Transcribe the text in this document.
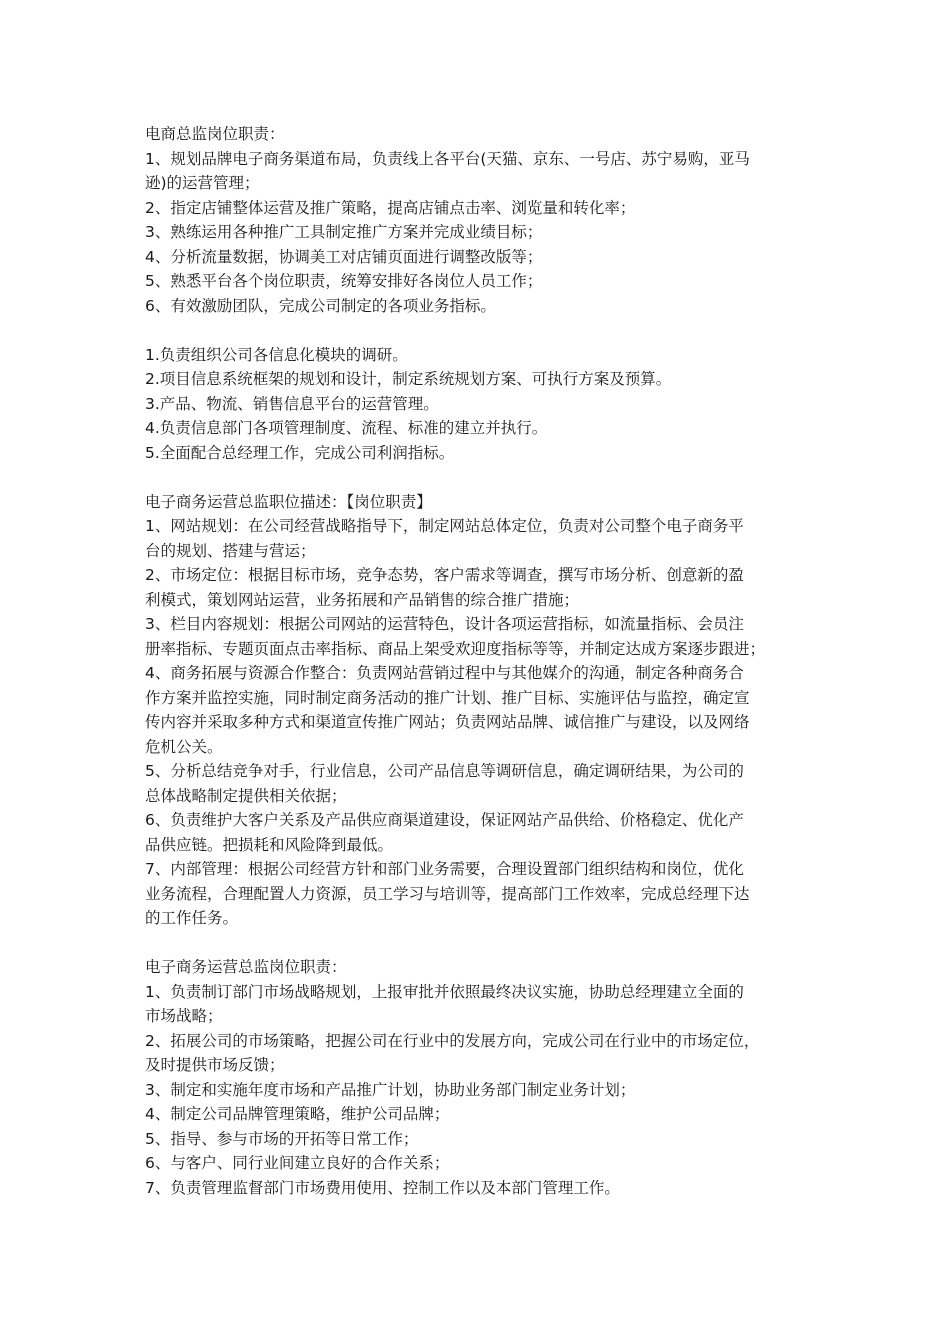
电商总监岗位职责：
1、规划品牌电子商务渠道布局，负责线上各平台(天猫、京东、一号店、苏宁易购，亚马
逊)的运营管理；
2、指定店铺整体运营及推广策略，提高店铺点击率、浏览量和转化率；
3、熟练运用各种推广工具制定推广方案并完成业绩目标；
4、分析流量数据，协调美工对店铺页面进行调整改版等；
5、熟悉平台各个岗位职责，统筹安排好各岗位人员工作；
6、有效激励团队，完成公司制定的各项业务指标。
1.负责组织公司各信息化模块的调研。
2.项目信息系统框架的规划和设计，制定系统规划方案、可执行方案及预算。
3.产品、物流、销售信息平台的运营管理。
4.负责信息部门各项管理制度、流程、标准的建立并执行。
5.全面配合总经理工作，完成公司利润指标。
电子商务运营总监职位描述：【岗位职责】
1、网站规划：在公司经营战略指导下，制定网站总体定位，负责对公司整个电子商务平
台的规划、搭建与营运；
2、市场定位：根据目标市场，竞争态势，客户需求等调查，撰写市场分析、创意新的盈
利模式，策划网站运营，业务拓展和产品销售的综合推广措施；
3、栏目内容规划：根据公司网站的运营特色，设计各项运营指标，如流量指标、会员注
册率指标、专题页面点击率指标、商品上架受欢迎度指标等等，并制定达成方案逐步跟进；
4、商务拓展与资源合作整合：负责网站营销过程中与其他媒介的沟通，制定各种商务合
作方案并监控实施，同时制定商务活动的推广计划、推广目标、实施评估与监控，确定宣
传内容并采取多种方式和渠道宣传推广网站；负责网站品牌、诚信推广与建设，以及网络
危机公关。
5、分析总结竞争对手，行业信息，公司产品信息等调研信息，确定调研结果，为公司的
总体战略制定提供相关依据；
6、负责维护大客户关系及产品供应商渠道建设，保证网站产品供给、价格稳定、优化产
品供应链。把损耗和风险降到最低。
7、内部管理：根据公司经营方针和部门业务需要，合理设置部门组织结构和岗位，优化
业务流程，合理配置人力资源，员工学习与培训等，提高部门工作效率，完成总经理下达
的工作任务。
电子商务运营总监岗位职责：
1、负责制订部门市场战略规划，上报审批并依照最终决议实施，协助总经理建立全面的
市场战略；
2、拓展公司的市场策略，把握公司在行业中的发展方向，完成公司在行业中的市场定位，
及时提供市场反馈；
3、制定和实施年度市场和产品推广计划，协助业务部门制定业务计划；
4、制定公司品牌管理策略，维护公司品牌；
5、指导、参与市场的开拓等日常工作；
6、与客户、同行业间建立良好的合作关系；
7、负责管理监督部门市场费用使用、控制工作以及本部门管理工作。
